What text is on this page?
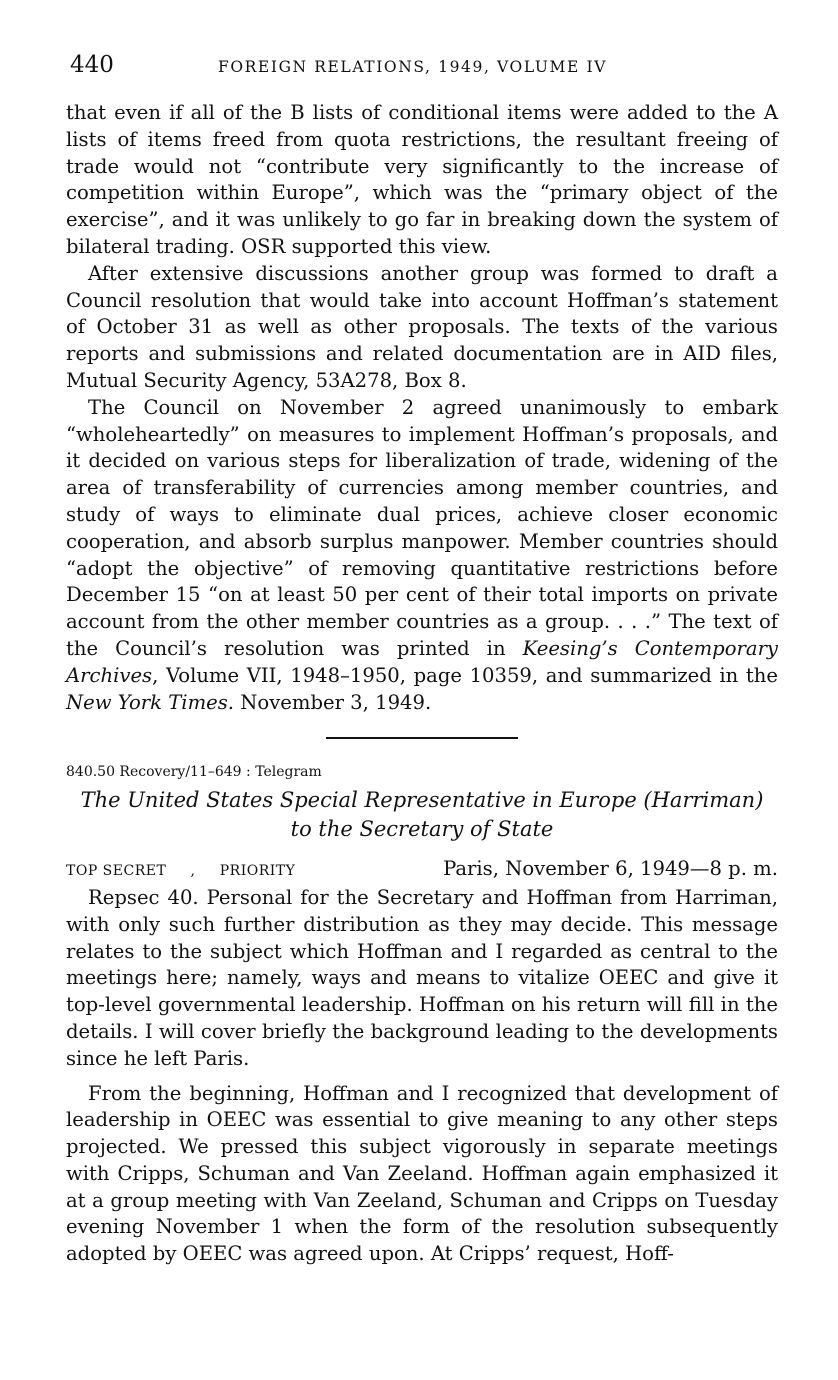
440	FOREIGN RELATIONS, 1949, VOLUME IV

that even if all of the B lists of conditional items were added to the A lists of items freed from quota restrictions, the resultant freeing of trade would not “contribute very significantly to the increase of competition within Europe”, which was the “primary object of the exercise”, and it was unlikely to go far in breaking down the system of bilateral trading. OSR supported this view.

After extensive discussions another group was formed to draft a Council resolution that would take into account Hoffman’s statement of October 31 as well as other proposals. The texts of the various reports and submissions and related documentation are in AID files, Mutual Security Agency, 53A278, Box 8.

The Council on November 2 agreed unanimously to embark “wholeheartedly” on measures to implement Hoffman’s proposals, and it decided on various steps for liberalization of trade, widening of the area of transferability of currencies among member countries, and study of ways to eliminate dual prices, achieve closer economic cooperation, and absorb surplus manpower. Member countries should “adopt the objective” of removing quantitative restrictions before December 15 “on at least 50 per cent of their total imports on private account from the other member countries as a group. . . .” The text of the Council’s resolution was printed in Keesing’s Contemporary Archives, Volume VII, 1948–1950, page 10359, and summarized in the New York Times. November 3, 1949.

840.50 Recovery/11–649 : Telegram

The United States Special Representative in Europe (Harriman)
to the Secretary of State
TOP SECRET , PRIORITY	Paris, November 6, 1949—8 p. m.

Repsec 40. Personal for the Secretary and Hoffman from Harriman, with only such further distribution as they may decide. This message relates to the subject which Hoffman and I regarded as central to the meetings here; namely, ways and means to vitalize OEEC and give it top-level governmental leadership. Hoffman on his return will fill in the details. I will cover briefly the background leading to the developments since he left Paris.

From the beginning, Hoffman and I recognized that development of leadership in OEEC was essential to give meaning to any other steps projected. We pressed this subject vigorously in separate meetings with Cripps, Schuman and Van Zeeland. Hoffman again emphasized it at a group meeting with Van Zeeland, Schuman and Cripps on Tuesday evening November 1 when the form of the resolution subsequently adopted by OEEC was agreed upon. At Cripps’ request, Hoff-
